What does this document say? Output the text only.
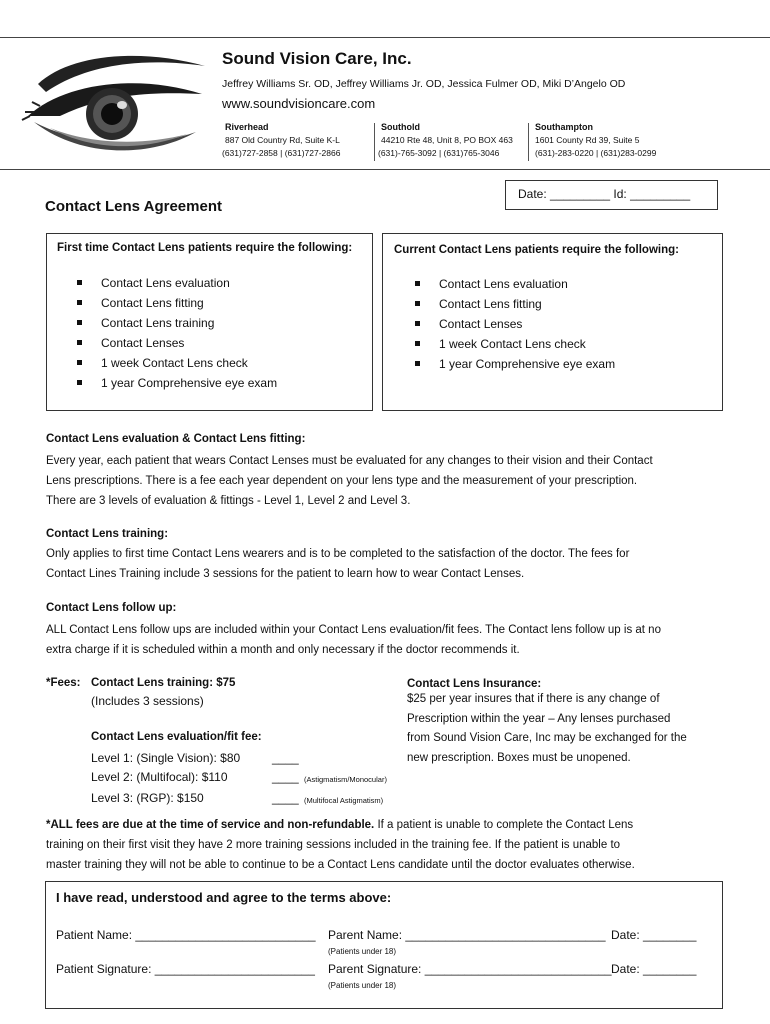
Sound Vision Care, Inc.
Jeffrey Williams Sr. OD, Jeffrey Williams Jr. OD, Jessica Fulmer OD, Miki D’Angelo OD
www.soundvisioncare.com
Riverhead
887 Old Country Rd, Suite K-L
(631)727-2858 | (631)727-2866
Southold
44210 Rte 48, Unit 8, PO BOX 463
(631)-765-3092 | (631)765-3046
Southampton
1601 County Rd 39, Suite 5
(631)-283-0220 | (631)283-0299
Date: _________ Id: _________
Contact Lens Agreement
First time Contact Lens patients require the following:
Contact Lens evaluation
Contact Lens fitting
Contact Lens training
Contact Lenses
1 week Contact Lens check
1 year Comprehensive eye exam
Current Contact Lens patients require the following:
Contact Lens evaluation
Contact Lens fitting
Contact Lenses
1 week Contact Lens check
1 year Comprehensive eye exam
Contact Lens evaluation & Contact Lens fitting:
Every year, each patient that wears Contact Lenses must be evaluated for any changes to their vision and their Contact
Lens prescriptions. There is a fee each year dependent on your lens type and the measurement of your prescription.
There are 3 levels of evaluation & fittings - Level 1, Level 2 and Level 3.
Contact Lens training:
Only applies to first time Contact Lens wearers and is to be completed to the satisfaction of the doctor. The fees for
Contact Lines Training include 3 sessions for the patient to learn how to wear Contact Lenses.
Contact Lens follow up:
ALL Contact Lens follow ups are included within your Contact Lens evaluation/fit fees. The Contact lens follow up is at no
extra charge if it is scheduled within a month and only necessary if the doctor recommends it.
*Fees: Contact Lens training: $75
(Includes 3 sessions)
Contact Lens evaluation/fit fee:
Level 1: (Single Vision): $80	____
Level 2: (Multifocal): $110	____ (Astigmatism/Monocular)
Level 3: (RGP): $150	____ (Multifocal Astigmatism)
Contact Lens Insurance:
$25 per year insures that if there is any change of
Prescription within the year – Any lenses purchased
from Sound Vision Care, Inc may be exchanged for the
new prescription. Boxes must be unopened.
*ALL fees are due at the time of service and non-refundable. If a patient is unable to complete the Contact Lens
training on their first visit they have 2 more training sessions included in the training fee. If the patient is unable to
master training they will not be able to continue to be a Contact Lens candidate until the doctor evaluates otherwise.
I have read, understood and agree to the terms above:
Patient Name: ___________________________ Parent Name: ______________________________ Date: ________
(Patients under 18)
Patient Signature: ________________________ Parent Signature: ____________________________ Date: ________
(Patients under 18)
